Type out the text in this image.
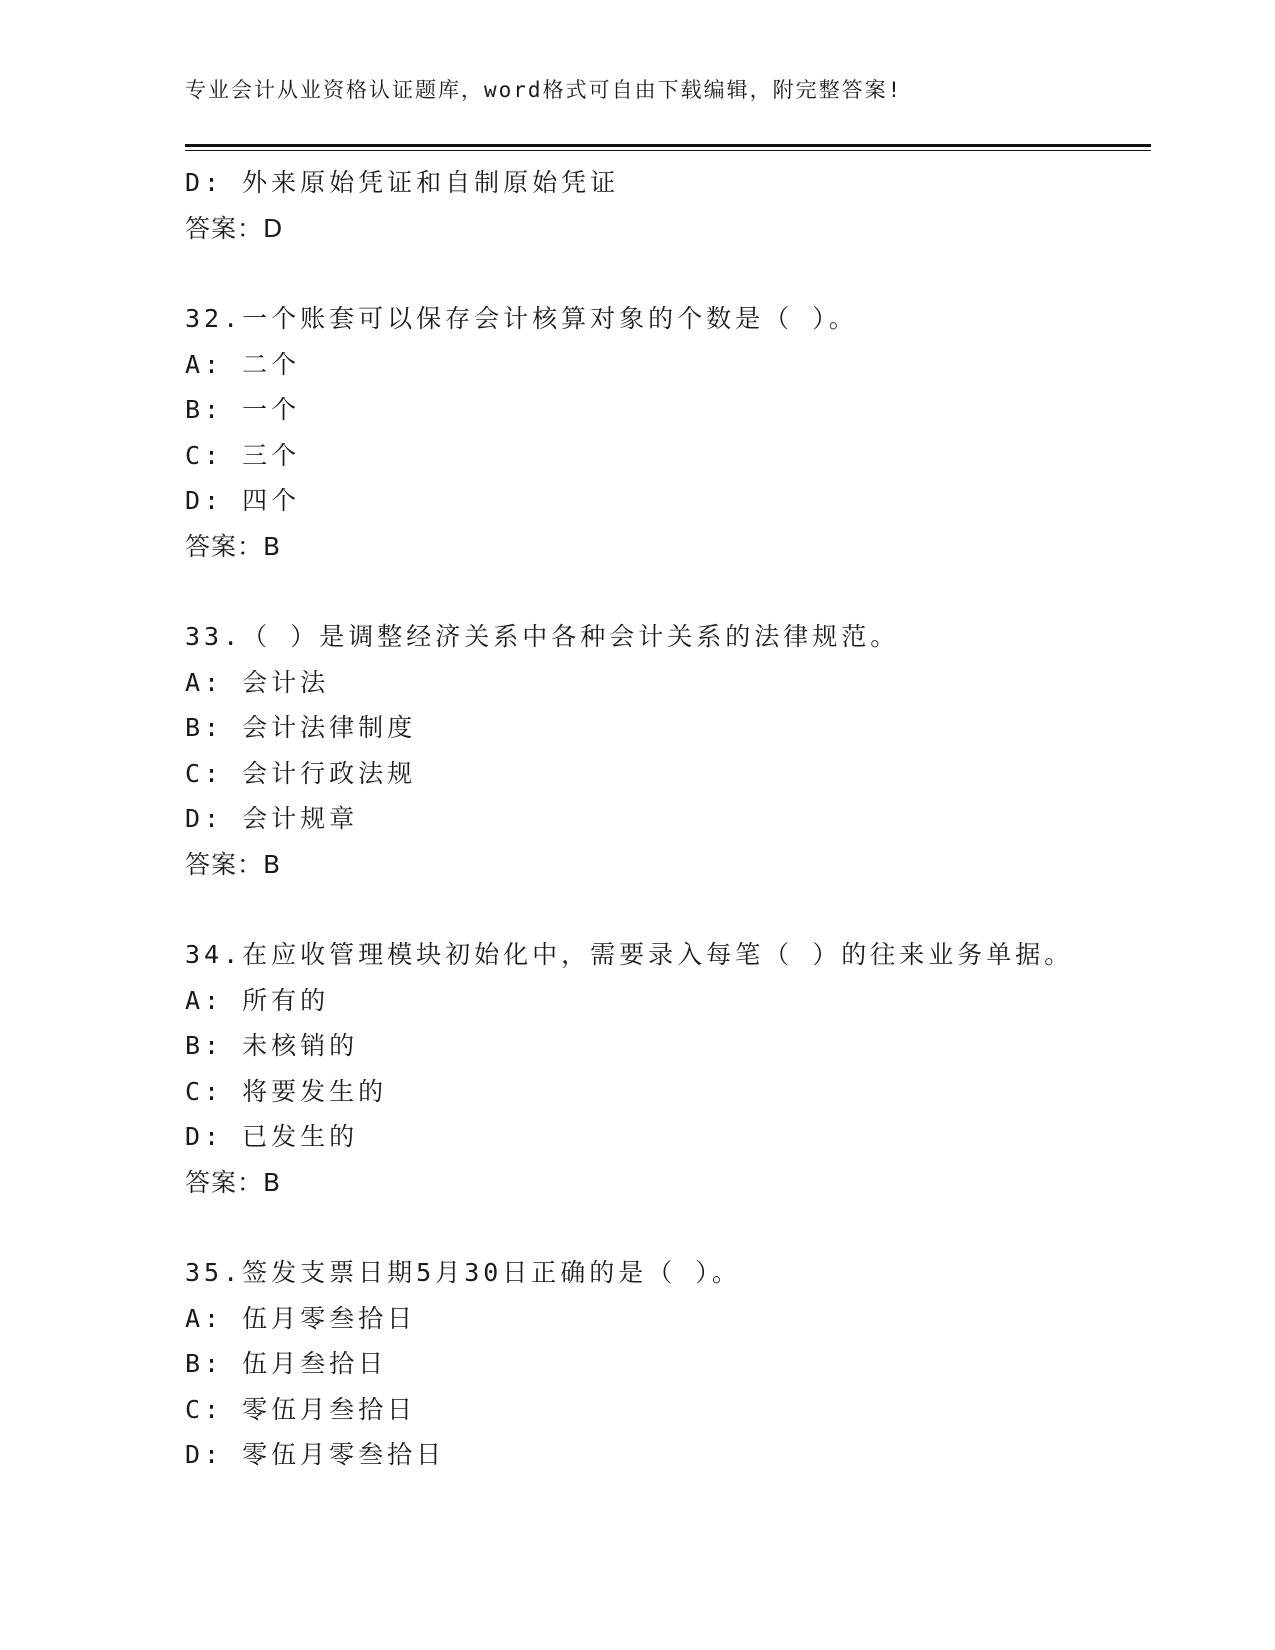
专业会计从业资格认证题库，word格式可自由下载编辑，附完整答案!
D: 外来原始凭证和自制原始凭证
答案：D
32.一个账套可以保存会计核算对象的个数是（ ）。
A: 二个
B: 一个
C: 三个
D: 四个
答案：B
33.（ ）是调整经济关系中各种会计关系的法律规范。
A: 会计法
B: 会计法律制度
C: 会计行政法规
D: 会计规章
答案：B
34.在应收管理模块初始化中，需要录入每笔（ ）的往来业务单据。
A: 所有的
B: 未核销的
C: 将要发生的
D: 已发生的
答案：B
35.签发支票日期5月30日正确的是（ ）。
A: 伍月零叁拾日
B: 伍月叁拾日
C: 零伍月叁拾日
D: 零伍月零叁拾日
